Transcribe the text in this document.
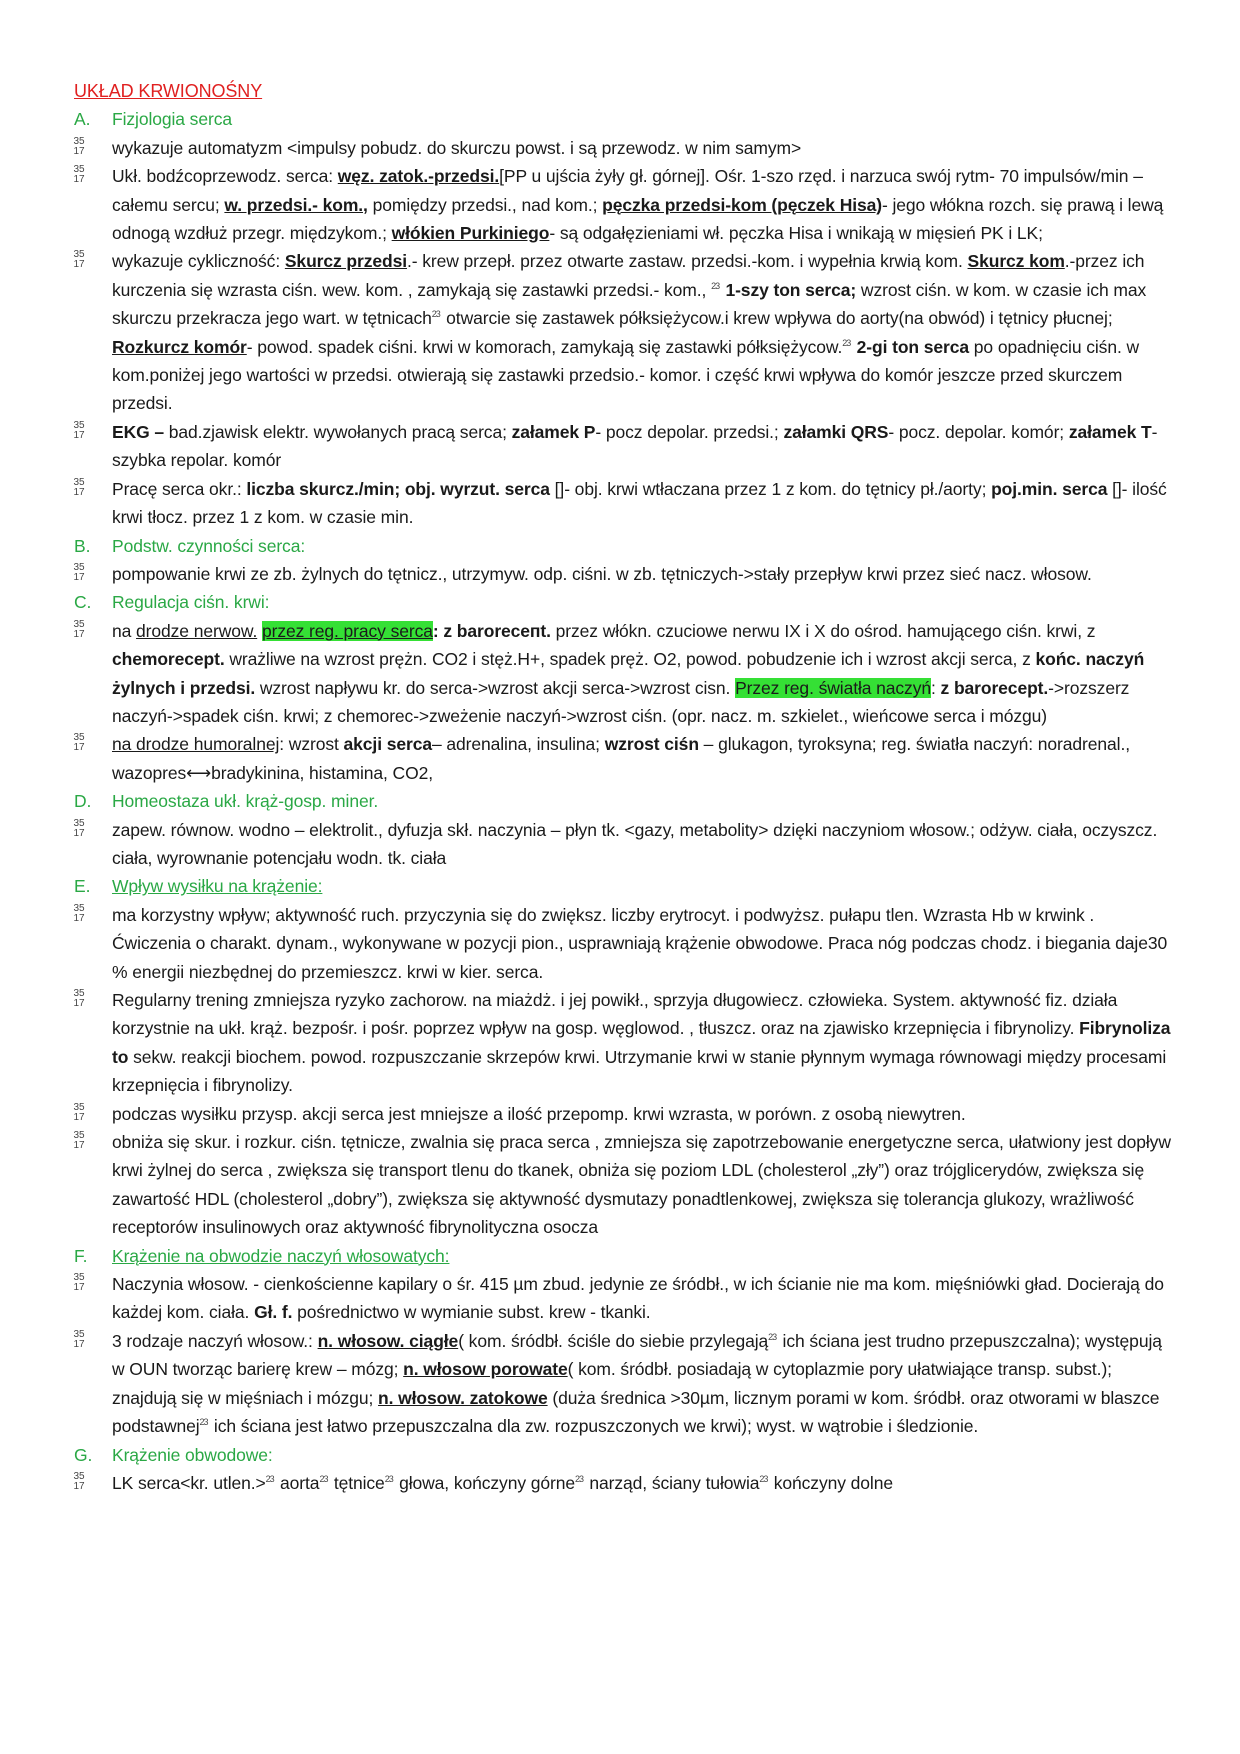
UKŁAD KRWIONOŚNY
A. Fizjologia serca
35
17 wykazuje automatyzm <impulsy pobudz. do skurczu powst. i są przewodz. w nim samym>
35
17 Ukł. bodźcoprzewodz. serca: węz. zatok.-przedsi.[PP u ujścia żyły gł. górnej]. Ośr. 1-szo rzęd. i narzuca swój rytm- 70 impulsów/min – całemu sercu; w. przedsi.- kom., pomiędzy przedsi., nad kom.; pęczka przedsi-kom (pęczek Hisa)- jego włókna rozch. się prawą i lewą odnogą wzdłuż przegr. międzykom.; włókien Purkiniego- są odgałęzieniami wł. pęczka Hisa i wnikają w mięsień PK i LK;
35
17 wykazuje cykliczność: Skurcz przedsi.- krew przepł. przez otwarte zastaw. przedsi.-kom. i wypełnia krwią kom. Skurcz kom.-przez ich kurczenia się wzrasta ciśn. wew. kom. , zamykają się zastawki przedsi.- kom., $^{23}$   1-szy ton serca; wzrost ciśn. w kom. w czasie ich max skurczu przekracza jego wart. w tętnicach$^{23}$   otwarcie się zastawek półksiężycow.i krew wpływa do aorty(na obwód) i tętnicy płucnej; Rozkurcz komór- powod. spadek ciśni. krwi w komorach, zamykają się zastawki półksiężycow.$^{23}$   2-gi ton serca po opadnięciu ciśn. w kom.poniżej jego wartości w przedsi. otwierają się zastawki przedsio.- komor. i część krwi wpływa do komór jeszcze przed skurczem przedsi.
35
17 EKG – bad.zjawisk elektr. wywołanych pracą serca; załamek P- pocz depolar. przedsi.; załamki QRS- pocz. depolar. komór; załamek T- szybka repolar. komór
35
17 Pracę serca okr.: liczba skurcz./min; obj. wyrzut. serca []- obj. krwi wtłaczana przez 1 z kom. do tętnicy pł./aorty; poj.min. serca []- ilość krwi tłocz. przez 1 z kom. w czasie min.
B. Podstw. czynności serca:
35
17 pompowanie krwi ze zb. żylnych do tętnicz., utrzymyw. odp. ciśni. w zb. tętniczych->stały przepływ krwi przez sieć nacz. włosow.
C. Regulacja ciśn. krwi:
35
17 na drodze nerwow. przez reg. pracy serca: z baroreceпt. przez włókn. czuciowe nerwu IX i X do ośrod. hamującego ciśn. krwi, z chemorecept. wrażliwe na wzrost prężn. CO2 i stęż.H+, spadek pręż. O2, powod. pobudzenie ich i wzrost akcji serca, z końc. naczyń żylnych i przedsi. wzrost napływu kr. do serca->wzrost akcji serca->wzrost cisn. Przez reg. światła naczyń: z barorecept.->rozszerz naczyń->spadek ciśn. krwi; z chemorec->zweżenie naczyń->wzrost ciśn. (opr. nacz. m. szkielet., wieńcowe serca i mózgu)
35
17 na drodze humoralnej: wzrost akcji serca– adrenalina, insulina; wzrost ciśn – glukagon, tyroksyna; reg. światła naczyń: noradrenal., wazopres⟷bradykinina, histamina, CO2,
D. Homeostaza ukł. krąż-gosp. miner.
35
17 zapew. równow. wodno – elektrolit., dyfuzja skł. naczynia – płyn tk. <gazy, metabolity> dzięki naczyniom włosow.; odżyw. ciała, oczyszcz. ciała, wyrownanie potencjału wodn. tk. ciała
E. Wpływ wysiłku na krążenie:
35
17 ma korzystny wpływ; aktywność ruch. przyczynia się do zwiększ. liczby erytrocyt. i podwyższ. pułapu tlen. Wzrasta Hb w krwink . Ćwiczenia o charakt. dynam., wykonywane w pozycji pion., usprawniają krążenie obwodowe. Praca nóg podczas chodz. i biegania daje30 % energii niezbędnej do przemieszcz. krwi w kier. serca.
35
17 Regularny trening zmniejsza ryzyko zachorow. na miażdż. i jej powikł., sprzyja długowiecz. człowieka. System. aktywność fiz. działa korzystnie na ukł. krąż. bezpośr. i pośr. poprzez wpływ na gosp. węglowod. , tłuszcz. oraz na zjawisko krzepnięcia i fibrynolizy. Fibrynoliza to sekw. reakcji biochem. powod. rozpuszczanie skrzepów krwi. Utrzymanie krwi w stanie płynnym wymaga równowagi między procesami krzepnięcia i fibrynolizy.
35
17 podczas wysiłku przysp. akcji serca jest mniejsze a ilość przepomp. krwi wzrasta, w porówn. z osobą niewytren.
35
17 obniża się skur. i rozkur. ciśn. tętnicze, zwalnia się praca serca , zmniejsza się zapotrzebowanie energetyczne serca, ułatwiony jest dopływ krwi żylnej do serca , zwiększa się transport tlenu do tkanek, obniża się poziom LDL (cholesterol „zły”) oraz trójglicerydów, zwiększa się zawartość HDL (cholesterol „dobry”), zwiększa się aktywność dysmutazy ponadtlenkowej, zwiększa się tolerancja glukozy, wrażliwość receptorów insulinowych oraz aktywność fibrynolityczna osocza
F. Krążenie na obwodzie naczyń włosowatych:
35
17 Naczynia włosow. - cienkościenne kapilary o śr. 415 µm zbud. jedynie ze śródbł., w ich ścianie nie ma kom. mięśniówki gład. Docierają do każdej kom. ciała. Gł. f. pośrednictwo w wymianie subst. krew - tkanki.
35
17 3 rodzaje naczyń włosow.: n. włosow. ciągłe( kom. śródbł. ściśle do siebie przylegają$^{23}$   ich ściana jest trudno przepuszczalna); występują w OUN tworząc barierę krew – mózg; n. włosow porowate( kom. śródbł. posiadają w cytoplazmie pory ułatwiające transp. subst.); znajdują się w mięśniach i mózgu; n. włosow. zatokowe (duża średnica >30µm, licznym porami w kom. śródbł. oraz otworami w blaszce podstawnej$^{23}$   ich ściana jest łatwo przepuszczalna dla zw. rozpuszczonych we krwi); wyst. w wątrobie i śledzionie.
G. Krążenie obwodowe:
35
17 LK serca<kr. utlen.>$^{23}$   aorta$^{23}$   tętnice$^{23}$   głowa, kończyny górne$^{23}$   narząd, ściany tułowia$^{23}$   kończyny dolne
